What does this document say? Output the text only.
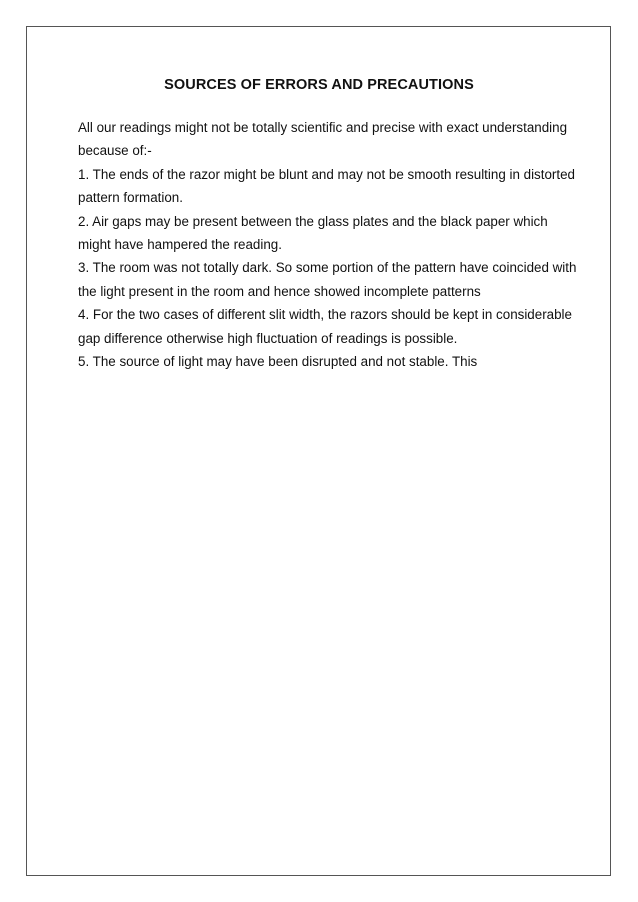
SOURCES OF ERRORS AND PRECAUTIONS
All our readings might not be totally scientific and precise with exact understanding
because of:-
1. The ends of the razor might be blunt and may not be smooth resulting in distorted
pattern formation.
2. Air gaps may be present between the glass plates and the black paper which
might have hampered the reading.
3. The room was not totally dark. So some portion of the pattern have coincided with
the light present in the room and hence showed incomplete patterns
4. For the two cases of different slit width, the razors should be kept in considerable
gap difference otherwise high fluctuation of readings is possible.
5. The source of light may have been disrupted and not stable. This
